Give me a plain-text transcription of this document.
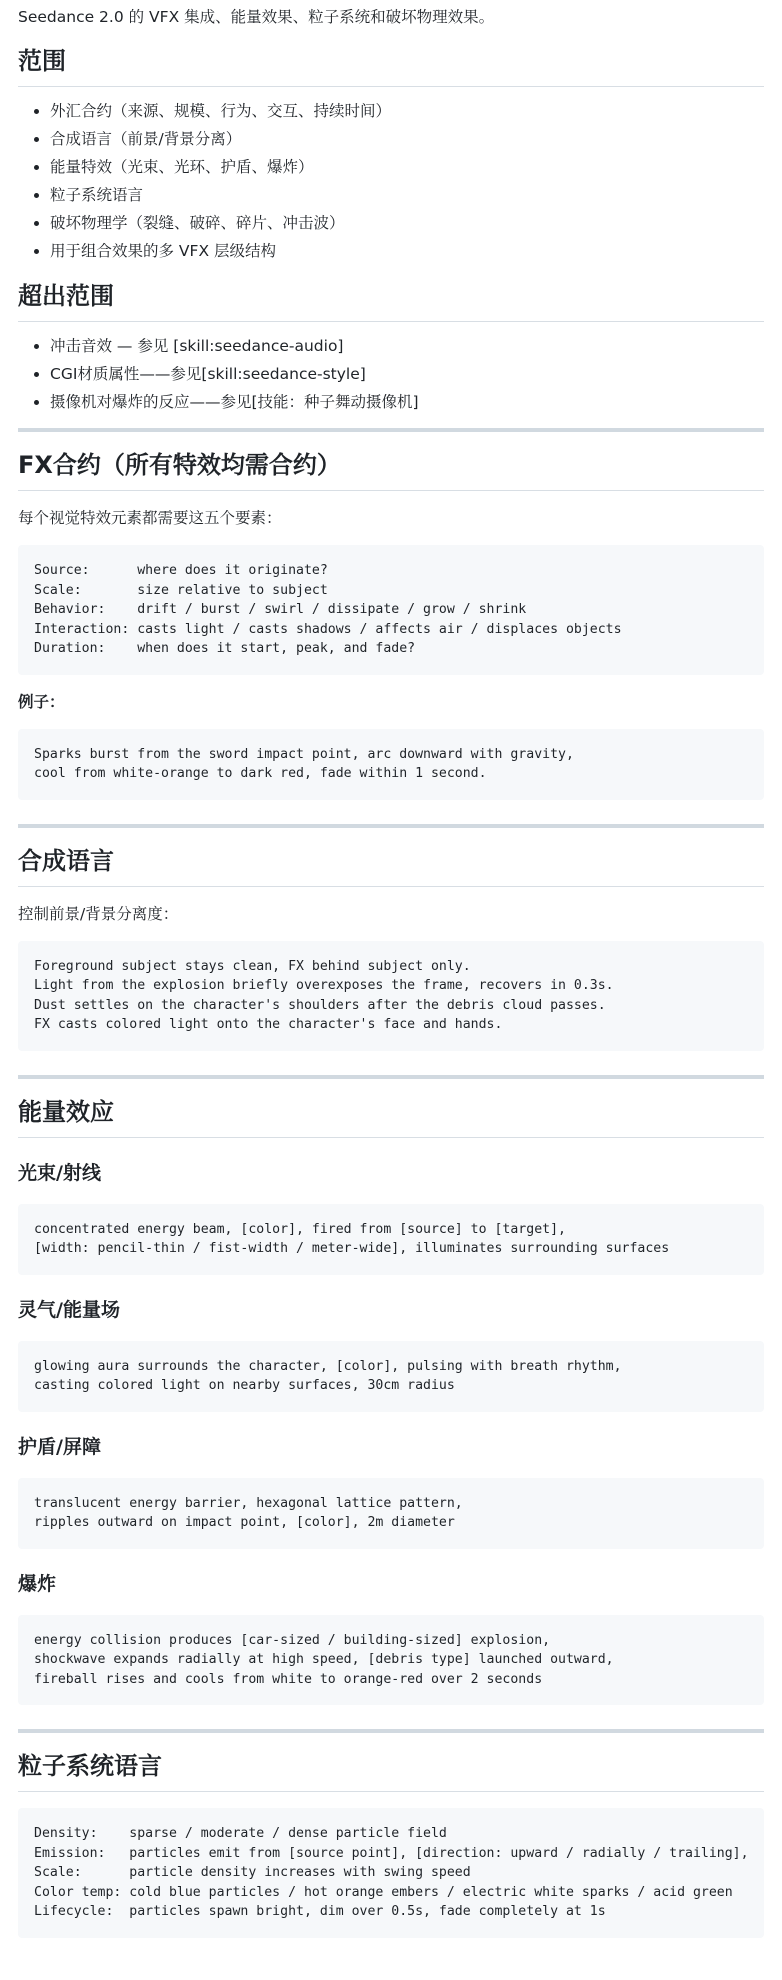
Seedance 2.0 的 VFX 集成、能量效果、粒子系统和破坏物理效果。

范围
• 外汇合约（来源、规模、行为、交互、持续时间）
• 合成语言（前景/背景分离）
• 能量特效（光束、光环、护盾、爆炸）
• 粒子系统语言
• 破坏物理学（裂缝、破碎、碎片、冲击波）
• 用于组合效果的多 VFX 层级结构
超出范围
• 冲击音效 — 参见 [skill:seedance-audio]
• CGI材质属性——参见[skill:seedance-style]
• 摄像机对爆炸的反应——参见[技能：种子舞动摄像机]
FX合约（所有特效均需合约）

每个视觉特效元素都需要这五个要素：

Source:      where does it originate?
Scale:       size relative to subject
Behavior:    drift / burst / swirl / dissipate / grow / shrink
Interaction: casts light / casts shadows / affects air / displaces objects
Duration:    when does it start, peak, and fade?

例子：

Sparks burst from the sword impact point, arc downward with gravity,
cool from white-orange to dark red, fade within 1 second.
合成语言

控制前景/背景分离度：

Foreground subject stays clean, FX behind subject only.
Light from the explosion briefly overexposes the frame, recovers in 0.3s.
Dust settles on the character's shoulders after the debris cloud passes.
FX casts colored light onto the character's face and hands.
能量效应
光束/射线
concentrated energy beam, [color], fired from [source] to [target],
[width: pencil-thin / fist-width / meter-wide], illuminates surrounding surfaces
灵气/能量场
glowing aura surrounds the character, [color], pulsing with breath rhythm,
casting colored light on nearby surfaces, 30cm radius
护盾/屏障
translucent energy barrier, hexagonal lattice pattern,
ripples outward on impact point, [color], 2m diameter
爆炸
energy collision produces [car-sized / building-sized] explosion,
shockwave expands radially at high speed, [debris type] launched outward,
fireball rises and cools from white to orange-red over 2 seconds
粒子系统语言
Density:    sparse / moderate / dense particle field
Emission:   particles emit from [source point], [direction: upward / radially / trailing],
Scale:      particle density increases with swing speed
Color temp: cold blue particles / hot orange embers / electric white sparks / acid green
Lifecycle:  particles spawn bright, dim over 0.5s, fade completely at 1s
